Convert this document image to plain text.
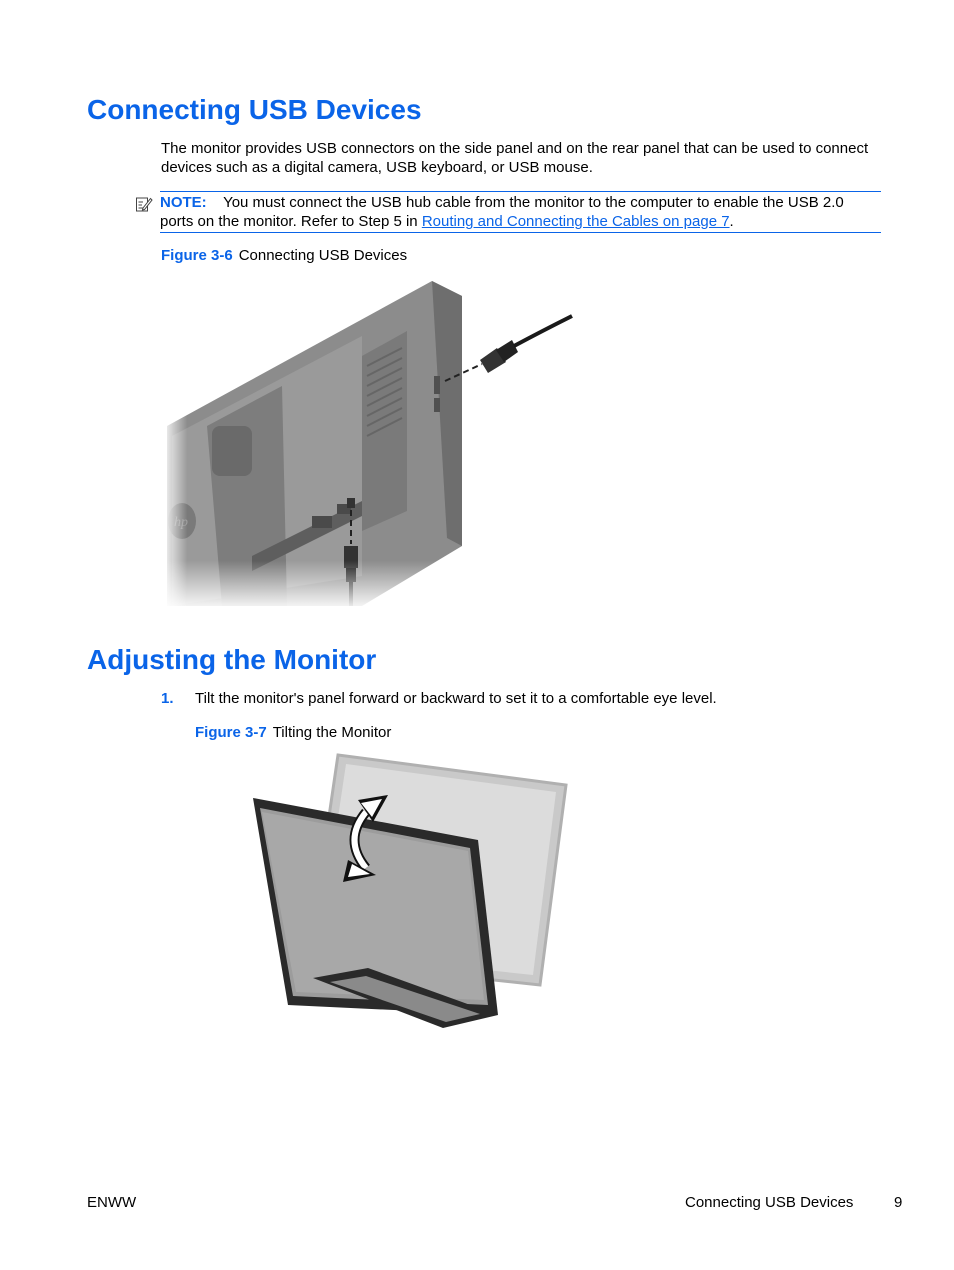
Connecting USB Devices

The monitor provides USB connectors on the side panel and on the rear panel that can be used to connect devices such as a digital camera, USB keyboard, or USB mouse.

NOTE: You must connect the USB hub cable from the monitor to the computer to enable the USB 2.0 ports on the monitor. Refer to Step 5 in Routing and Connecting the Cables on page 7.
Figure 3-6 Connecting USB Devices
Adjusting the Monitor
1. Tilt the monitor's panel forward or backward to set it to a comfortable eye level.
Figure 3-7 Tilting the Monitor
ENWW	Connecting USB Devices	9
